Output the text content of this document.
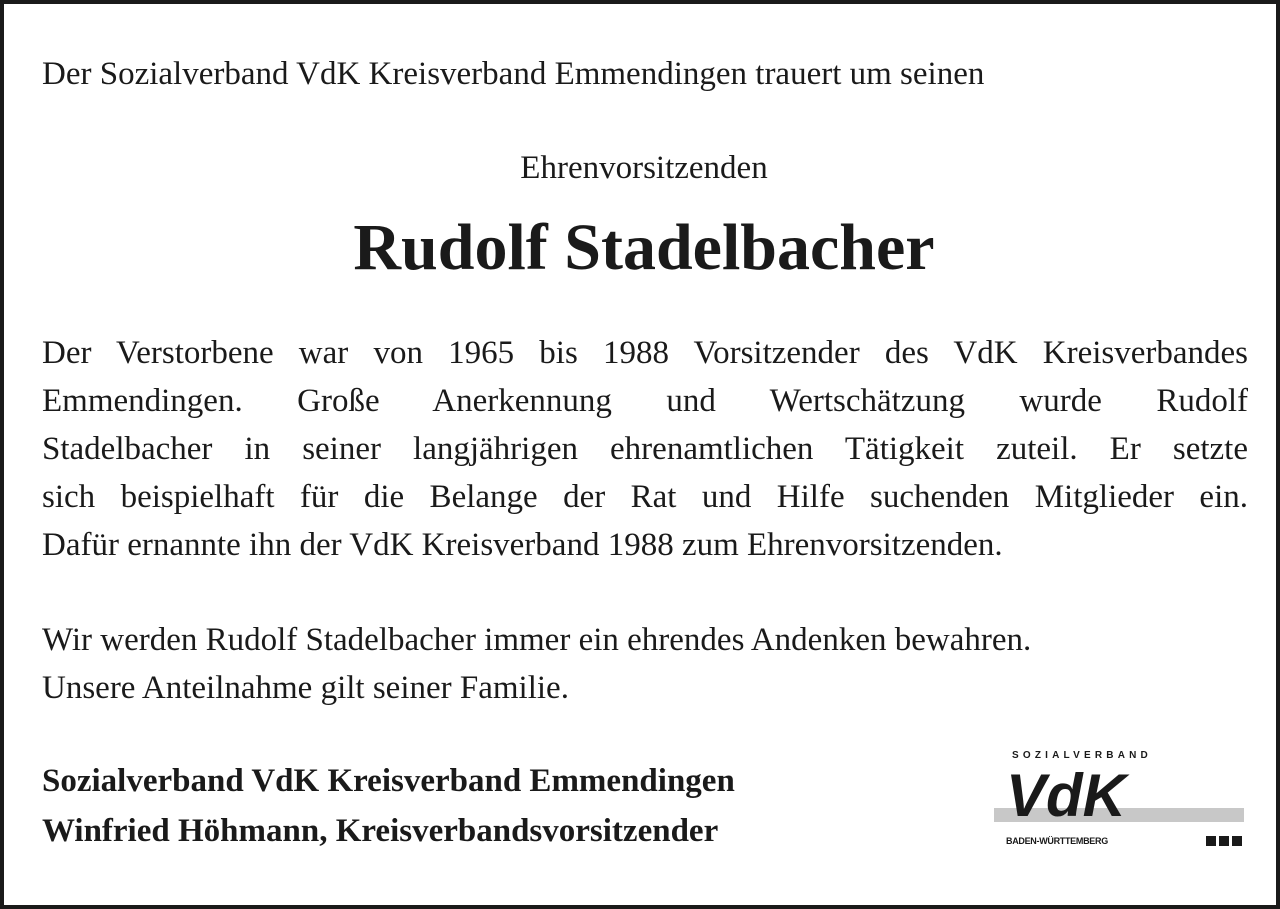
Der Sozialverband VdK Kreisverband Emmendingen trauert um seinen
Ehrenvorsitzenden
Rudolf Stadelbacher
Der Verstorbene war von 1965 bis 1988 Vorsitzender des VdK Kreisverbandes
Emmendingen. Große Anerkennung und Wertschätzung wurde Rudolf
Stadelbacher in seiner langjährigen ehrenamtlichen Tätigkeit zuteil. Er setzte
sich beispielhaft für die Belange der Rat und Hilfe suchenden Mitglieder ein.
Dafür ernannte ihn der VdK Kreisverband 1988 zum Ehrenvorsitzenden.
Wir werden Rudolf Stadelbacher immer ein ehrendes Andenken bewahren.
Unsere Anteilnahme gilt seiner Familie.
Sozialverband VdK Kreisverband Emmendingen
Winfried Höhmann, Kreisverbandsvorsitzender
SOZIALVERBAND
VdK
BADEN-WÜRTTEMBERG
